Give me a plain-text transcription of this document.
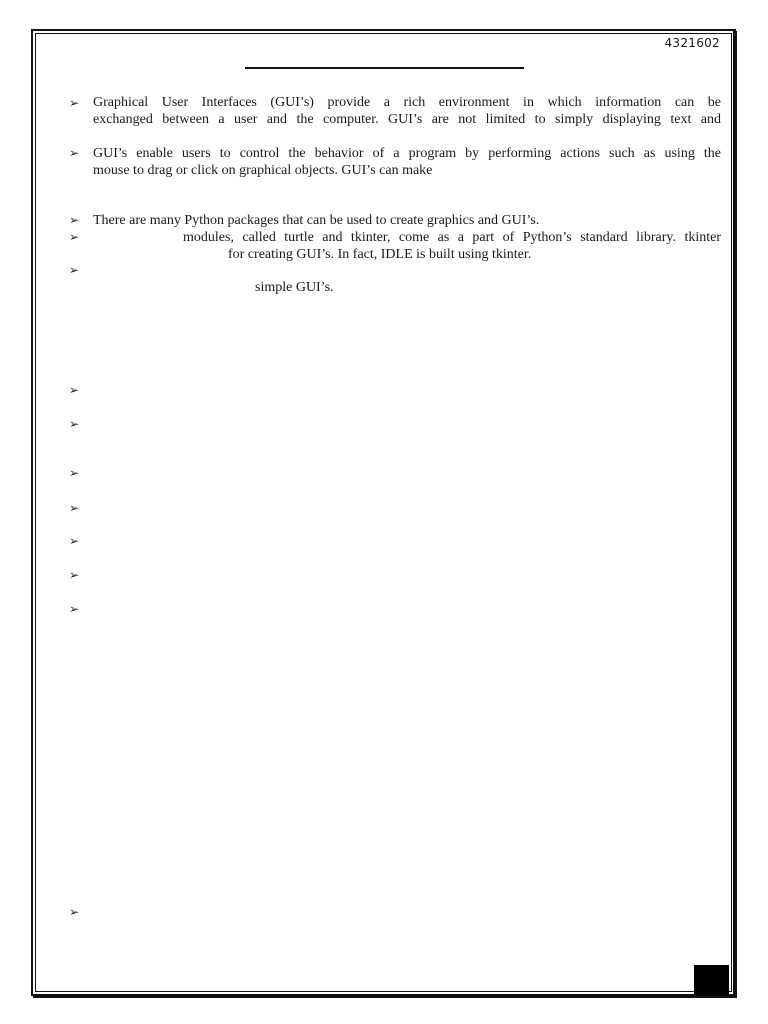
4321602
➢
➢
➢
➢
➢
➢
➢
➢
➢
➢
➢
➢
➢
Graphical User Interfaces (GUI’s) provide a rich environment in which information can be
exchanged between a user and the computer. GUI’s are not limited to simply displaying text and
GUI’s enable users to control the behavior of a program by performing actions such as using the
mouse to drag or click on graphical objects. GUI’s can make
There are many Python packages that can be used to create graphics and GUI’s.
modules, called turtle and tkinter, come as a part of Python’s standard library. tkinter
for creating GUI’s. In fact, IDLE is built using tkinter.
simple GUI’s.
